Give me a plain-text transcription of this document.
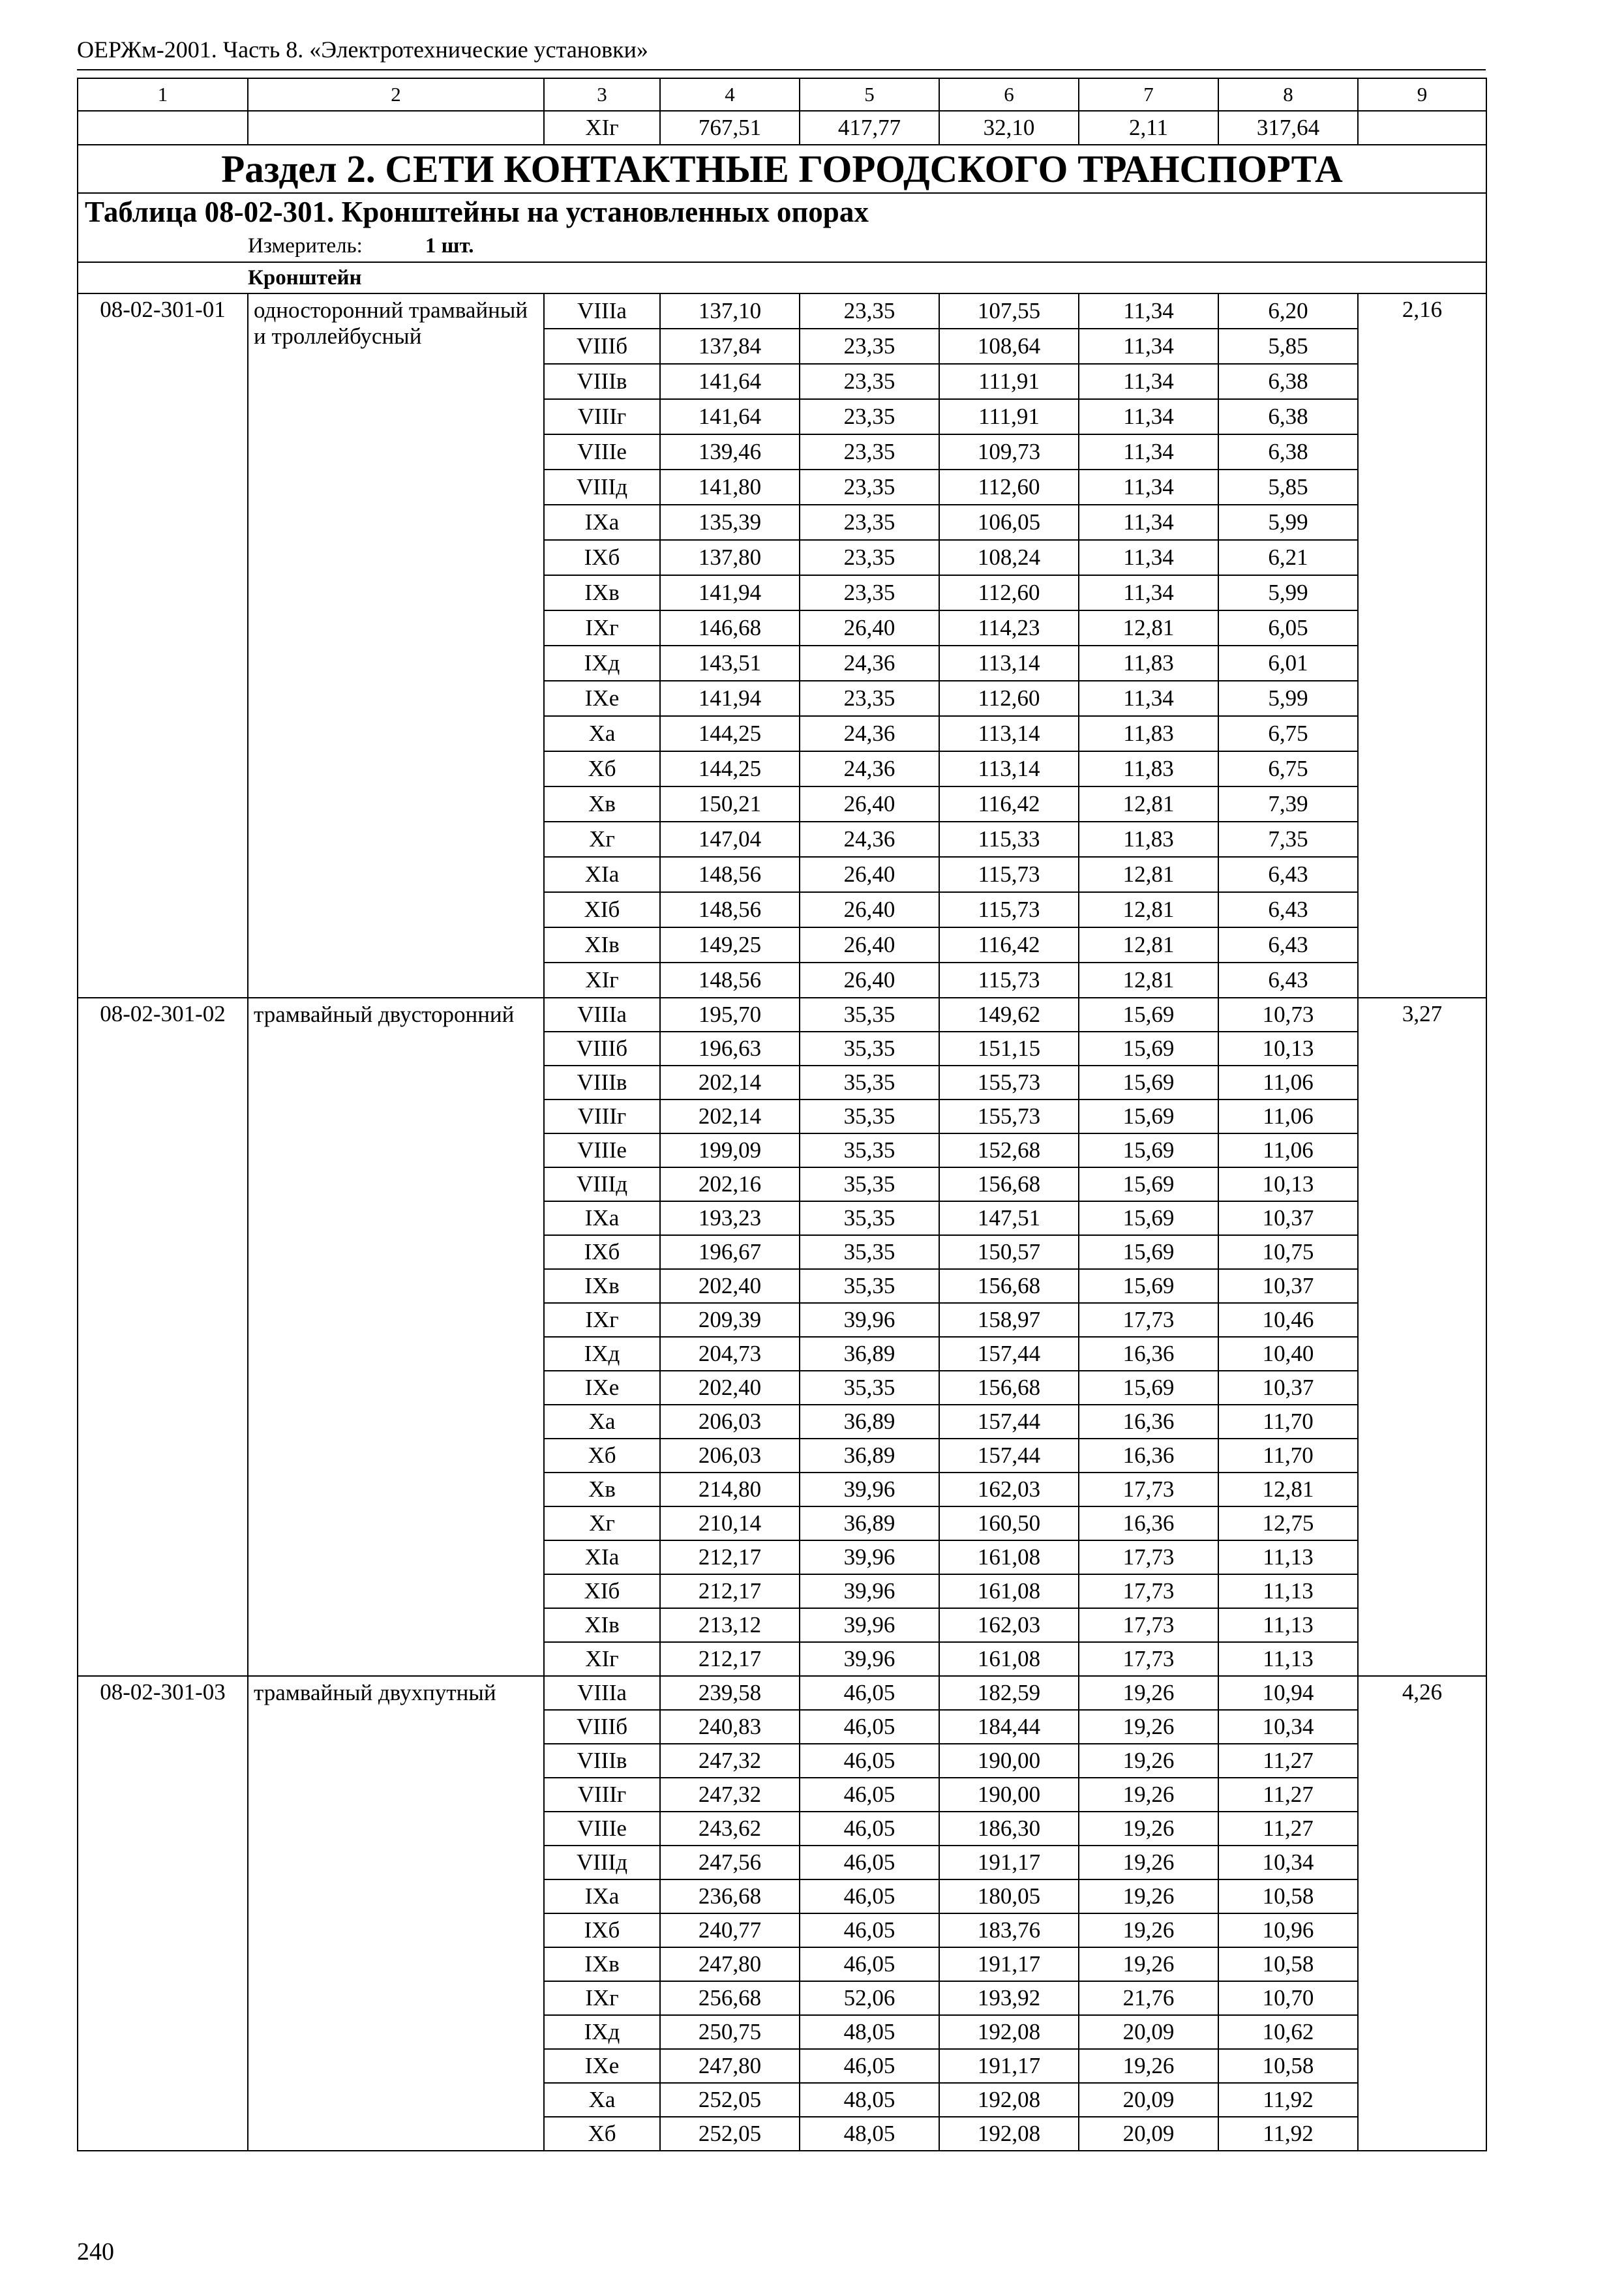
ОЕРЖм-2001. Часть 8. «Электротехнические установки»
1	2	3	4	5	6	7	8	9
		XIг	767,51	417,77	32,10	2,11	317,64	
Раздел 2. СЕТИ КОНТАКТНЫЕ ГОРОДСКОГО ТРАНСПОРТА								
Таблица 08-02-301. Кронштейны на установленных опорах								
	Измеритель: 1 шт.							
	Кронштейн							
08-02-301-01	односторонний трамвайный и троллейбусный	VIIIа	137,10	23,35	107,55	11,34	6,20	2,16
		VIIIб	137,84	23,35	108,64	11,34	5,85	
		VIIIв	141,64	23,35	111,91	11,34	6,38	
		VIIIг	141,64	23,35	111,91	11,34	6,38	
		VIIIе	139,46	23,35	109,73	11,34	6,38	
		VIIIд	141,80	23,35	112,60	11,34	5,85	
		IXа	135,39	23,35	106,05	11,34	5,99	
		IXб	137,80	23,35	108,24	11,34	6,21	
		IXв	141,94	23,35	112,60	11,34	5,99	
		IXг	146,68	26,40	114,23	12,81	6,05	
		IXд	143,51	24,36	113,14	11,83	6,01	
		IXе	141,94	23,35	112,60	11,34	5,99	
		Xа	144,25	24,36	113,14	11,83	6,75	
		Xб	144,25	24,36	113,14	11,83	6,75	
		Xв	150,21	26,40	116,42	12,81	7,39	
		Xг	147,04	24,36	115,33	11,83	7,35	
		XIа	148,56	26,40	115,73	12,81	6,43	
		XIб	148,56	26,40	115,73	12,81	6,43	
		XIв	149,25	26,40	116,42	12,81	6,43	
		XIг	148,56	26,40	115,73	12,81	6,43	
08-02-301-02	трамвайный двусторонний	VIIIа	195,70	35,35	149,62	15,69	10,73	3,27
		VIIIб	196,63	35,35	151,15	15,69	10,13	
		VIIIв	202,14	35,35	155,73	15,69	11,06	
		VIIIг	202,14	35,35	155,73	15,69	11,06	
		VIIIе	199,09	35,35	152,68	15,69	11,06	
		VIIIд	202,16	35,35	156,68	15,69	10,13	
		IXа	193,23	35,35	147,51	15,69	10,37	
		IXб	196,67	35,35	150,57	15,69	10,75	
		IXв	202,40	35,35	156,68	15,69	10,37	
		IXг	209,39	39,96	158,97	17,73	10,46	
		IXд	204,73	36,89	157,44	16,36	10,40	
		IXе	202,40	35,35	156,68	15,69	10,37	
		Xа	206,03	36,89	157,44	16,36	11,70	
		Xб	206,03	36,89	157,44	16,36	11,70	
		Xв	214,80	39,96	162,03	17,73	12,81	
		Xг	210,14	36,89	160,50	16,36	12,75	
		XIа	212,17	39,96	161,08	17,73	11,13	
		XIб	212,17	39,96	161,08	17,73	11,13	
		XIв	213,12	39,96	162,03	17,73	11,13	
		XIг	212,17	39,96	161,08	17,73	11,13	
08-02-301-03	трамвайный двухпутный	VIIIа	239,58	46,05	182,59	19,26	10,94	4,26
		VIIIб	240,83	46,05	184,44	19,26	10,34	
		VIIIв	247,32	46,05	190,00	19,26	11,27	
		VIIIг	247,32	46,05	190,00	19,26	11,27	
		VIIIе	243,62	46,05	186,30	19,26	11,27	
		VIIIд	247,56	46,05	191,17	19,26	10,34	
		IXа	236,68	46,05	180,05	19,26	10,58	
		IXб	240,77	46,05	183,76	19,26	10,96	
		IXв	247,80	46,05	191,17	19,26	10,58	
		IXг	256,68	52,06	193,92	21,76	10,70	
		IXд	250,75	48,05	192,08	20,09	10,62	
		IXе	247,80	46,05	191,17	19,26	10,58	
		Xа	252,05	48,05	192,08	20,09	11,92	
		Xб	252,05	48,05	192,08	20,09	11,92	
240
